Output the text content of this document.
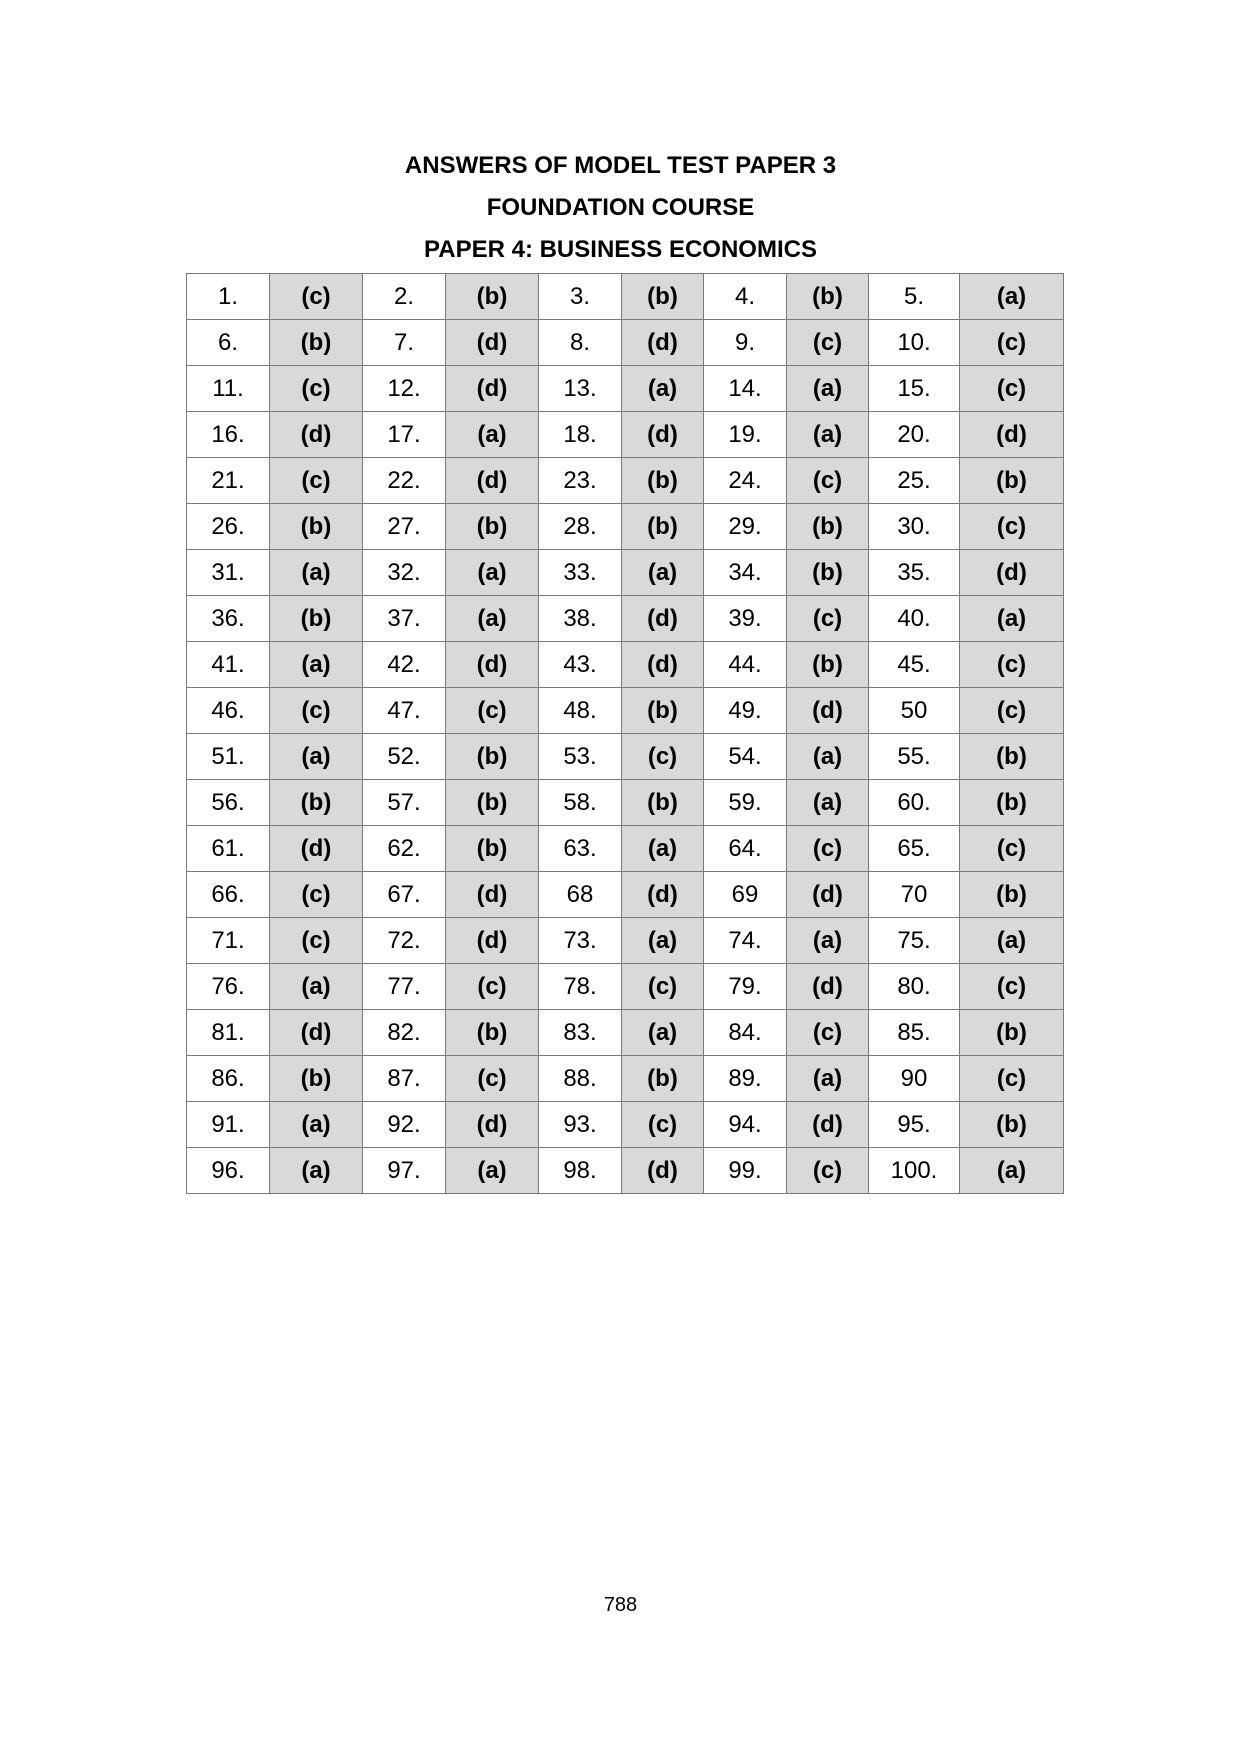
ANSWERS OF MODEL TEST PAPER 3
FOUNDATION COURSE
PAPER 4: BUSINESS ECONOMICS
1.	(c)	2.	(b)	3.	(b)	4.	(b)	5.	(a)
6.	(b)	7.	(d)	8.	(d)	9.	(c)	10.	(c)
11.	(c)	12.	(d)	13.	(a)	14.	(a)	15.	(c)
16.	(d)	17.	(a)	18.	(d)	19.	(a)	20.	(d)
21.	(c)	22.	(d)	23.	(b)	24.	(c)	25.	(b)
26.	(b)	27.	(b)	28.	(b)	29.	(b)	30.	(c)
31.	(a)	32.	(a)	33.	(a)	34.	(b)	35.	(d)
36.	(b)	37.	(a)	38.	(d)	39.	(c)	40.	(a)
41.	(a)	42.	(d)	43.	(d)	44.	(b)	45.	(c)
46.	(c)	47.	(c)	48.	(b)	49.	(d)	50	(c)
51.	(a)	52.	(b)	53.	(c)	54.	(a)	55.	(b)
56.	(b)	57.	(b)	58.	(b)	59.	(a)	60.	(b)
61.	(d)	62.	(b)	63.	(a)	64.	(c)	65.	(c)
66.	(c)	67.	(d)	68	(d)	69	(d)	70	(b)
71.	(c)	72.	(d)	73.	(a)	74.	(a)	75.	(a)
76.	(a)	77.	(c)	78.	(c)	79.	(d)	80.	(c)
81.	(d)	82.	(b)	83.	(a)	84.	(c)	85.	(b)
86.	(b)	87.	(c)	88.	(b)	89.	(a)	90	(c)
91.	(a)	92.	(d)	93.	(c)	94.	(d)	95.	(b)
96.	(a)	97.	(a)	98.	(d)	99.	(c)	100.	(a)
788
